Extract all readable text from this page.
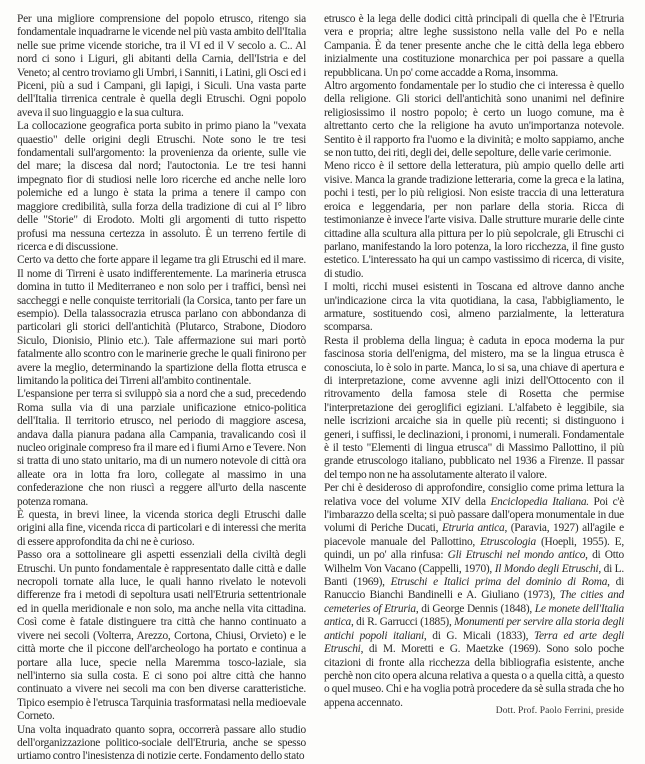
Per una migliore comprensione del popolo etrusco, ritengo sia fondamentale inquadrarne le vicende nel più vasta ambito dell'Italia nelle sue prime vicende storiche, tra il VI ed il V secolo a. C.. Al nord ci sono i Liguri, gli abitanti della Carnia, dell'Istria e del Veneto; al centro troviamo gli Umbri, i Sanniti, i Latini, gli Osci ed i Piceni, più a sud i Campani, gli Iapigi, i Siculi. Una vasta parte dell'Italia tirrenica centrale è quella degli Etruschi. Ogni popolo aveva il suo linguaggio e la sua cultura.

La collocazione geografica porta subito in primo piano la "vexata quaestio" delle origini degli Etruschi. Note sono le tre tesi fondamentali sull'argomento: la provenienza da oriente, sulle vie del mare; la discesa dal nord; l'autoctonia. Le tre tesi hanni impegnato fior di studiosi nelle loro ricerche ed anche nelle loro polemiche ed a lungo è stata la prima a tenere il campo con maggiore credibilità, sulla forza della tradizione di cui al I° libro delle "Storie" di Erodoto. Molti gli argomenti di tutto rispetto profusi ma nessuna certezza in assoluto. È un terreno fertile di ricerca e di discussione.

Certo va detto che forte appare il legame tra gli Etruschi ed il mare. Il nome di Tirreni è usato indifferentemente. La marineria etrusca domina in tutto il Mediterraneo e non solo per i traffici, bensì nei saccheggi e nelle conquiste territoriali (la Corsica, tanto per fare un esempio). Della talassocrazia etrusca parlano con abbondanza di particolari gli storici dell'antichità (Plutarco, Strabone, Diodoro Siculo, Dionisio, Plinio etc.). Tale affermazione sui mari portò fatalmente allo scontro con le marinerie greche le quali finirono per avere la meglio, determinando la spartizione della flotta etrusca e limitando la politica dei Tirreni all'ambito continentale.

L'espansione per terra si sviluppò sia a nord che a sud, precedendo Roma sulla via di una parziale unificazione etnico-politica dell'Italia. Il territorio etrusco, nel periodo di maggiore ascesa, andava dalla pianura padana alla Campania, travalicando così il nucleo originale compreso fra il mare ed i fiumi Arno e Tevere. Non si tratta di uno stato unitario, ma di un numero notevole di città ora alleate ora in lotta fra loro, collegate al massimo in una confederazione che non riuscì a reggere all'urto della nascente potenza romana.

È questa, in brevi linee, la vicenda storica degli Etruschi dalle origini alla fine, vicenda ricca di particolari e di interessi che merita di essere approfondita da chi ne è curioso.

Passo ora a sottolineare gli aspetti essenziali della civiltà degli Etruschi. Un punto fondamentale è rappresentato dalle città e dalle necropoli tornate alla luce, le quali hanno rivelato le notevoli differenze fra i metodi di sepoltura usati nell'Etruria settentrionale ed in quella meridionale e non solo, ma anche nella vita cittadina. Così come è fatale distinguere tra città che hanno continuato a vivere nei secoli (Volterra, Arezzo, Cortona, Chiusi, Orvieto) e le città morte che il piccone dell'archeologo ha portato e continua a portare alla luce, specie nella Maremma tosco-laziale, sia nell'interno sia sulla costa. E ci sono poi altre città che hanno continuato a vivere nei secoli ma con ben diverse caratteristiche. Tipico esempio è l'etrusca Tarquinia trasformatasi nella medioevale Corneto.

Una volta inquadrato quanto sopra, occorrerà passare allo studio dell'organizzazione politico-sociale dell'Etruria, anche se spesso urtiamo contro l'inesistenza di notizie certe. Fondamento dello stato

etrusco è la lega delle dodici città principali di quella che è l'Etruria vera e propria; altre leghe sussistono nella valle del Po e nella Campania. È da tener presente anche che le città della lega ebbero inizialmente una costituzione monarchica per poi passare a quella repubblicana. Un po' come accadde a Roma, insomma.

Altro argomento fondamentale per lo studio che ci interessa è quello della religione. Gli storici dell'antichità sono unanimi nel definire religiosissimo il nostro popolo; è certo un luogo comune, ma è altrettanto certo che la religione ha avuto un'importanza notevole. Sentito è il rapporto fra l'uomo e la divinità; e molto sappiamo, anche se non tutto, dei riti, degli dei, delle sepolture, delle varie cerimonie.

Meno ricco è il settore della letteratura, più ampio quello delle arti visive. Manca la grande tradizione letteraria, come la greca e la latina, pochi i testi, per lo più religiosi. Non esiste traccia di una letteratura eroica e leggendaria, per non parlare della storia. Ricca di testimonianze è invece l'arte visiva. Dalle strutture murarie delle cinte cittadine alla scultura alla pittura per lo più sepolcrale, gli Etruschi ci parlano, manifestando la loro potenza, la loro ricchezza, il fine gusto estetico. L'interessato ha qui un campo vastissimo di ricerca, di visite, di studio.

I molti, ricchi musei esistenti in Toscana ed altrove danno anche un'indicazione circa la vita quotidiana, la casa, l'abbigliamento, le armature, sostituendo così, almeno parzialmente, la letteratura scomparsa.

Resta il problema della lingua; è caduta in epoca moderna la pur fascinosa storia dell'enigma, del mistero, ma se la lingua etrusca è conosciuta, lo è solo in parte. Manca, lo si sa, una chiave di apertura e di interpretazione, come avvenne agli inizi dell'Ottocento con il ritrovamento della famosa stele di Rosetta che permise l'interpretazione dei geroglifici egiziani. L'alfabeto è leggibile, sia nelle iscrizioni arcaiche sia in quelle più recenti; si distinguono i generi, i suffissi, le declinazioni, i pronomi, i numerali. Fondamentale è il testo "Elementi di lingua etrusca" di Massimo Pallottino, il più grande etruscologo italiano, pubblicato nel 1936 a Firenze. Il passar del tempo non ne ha assolutamente alterato il valore.

Per chi è desideroso di approfondire, consiglio come prima lettura la relativa voce del volume XIV della Enciclopedia Italiana. Poi c'è l'imbarazzo della scelta; si può passare dall'opera monumentale in due volumi di Periche Ducati, Etruria antica, (Paravia, 1927) all'agile e piacevole manuale del Pallottino, Etruscologia (Hoepli, 1955). E, quindi, un po' alla rinfusa: Gli Etruschi nel mondo antico, di Otto Wilhelm Von Vacano (Cappelli, 1970), Il Mondo degli Etruschi, di L. Banti (1969), Etruschi e Italici prima del dominio di Roma, di Ranuccio Bianchi Bandinelli e A. Giuliano (1973), The cities and cemeteries of Etruria, di George Dennis (1848), Le monete dell'Italia antica, di R. Garrucci (1885), Monumenti per servire alla storia degli antichi popoli italiani, di G. Micali (1833), Terra ed arte degli Etruschi, di M. Moretti e G. Maetzke (1969). Sono solo poche citazioni di fronte alla ricchezza della bibliografia esistente, anche perchè non cito opera alcuna relativa a questa o a quella città, a questo o quel museo. Chi e ha voglia potrà procedere da sè sulla strada che ho appena accennato.

Dott. Prof. Paolo Ferrini, preside
